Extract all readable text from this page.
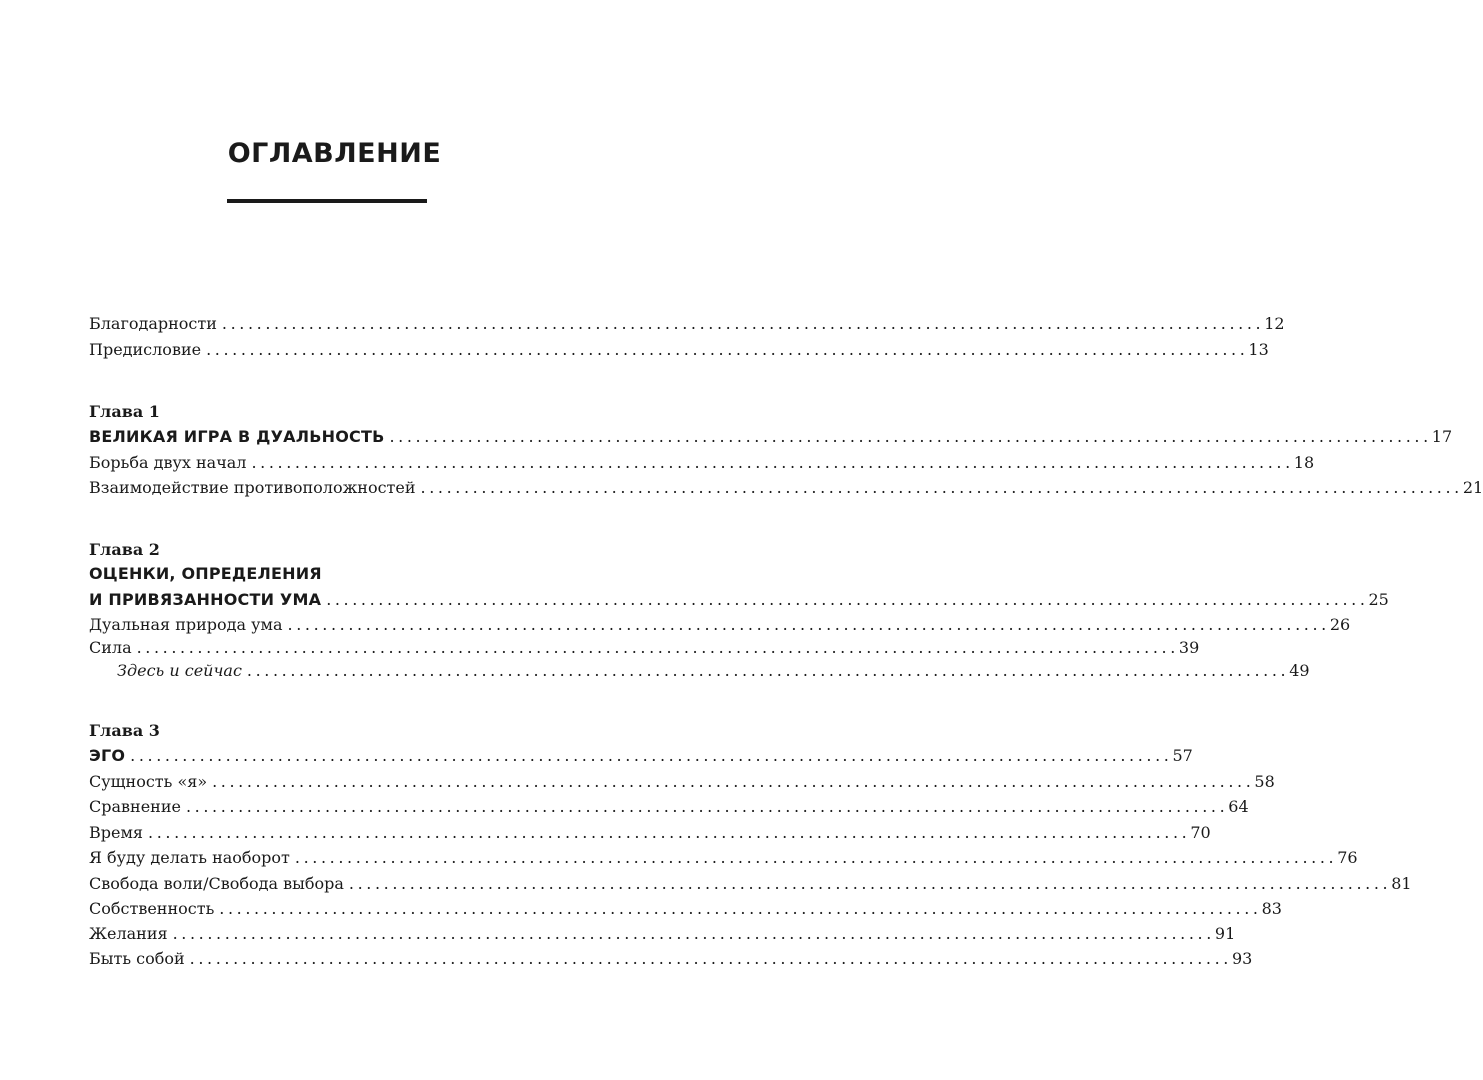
ОГЛАВЛЕНИЕ
Благодарности ........................................................................................................................ 12
Предисловие ........................................................................................................................ 13
Глава 1
ВЕЛИКАЯ ИГРА В ДУАЛЬНОСТЬ ........................................................................................................................ 17
Борьба двух начал ........................................................................................................................ 18
Взаимодействие противоположностей ........................................................................................................................ 21
Глава 2
ОЦЕНКИ, ОПРЕДЕЛЕНИЯ
И ПРИВЯЗАННОСТИ УМА ........................................................................................................................ 25
Дуальная природа ума ........................................................................................................................ 26
Сила ........................................................................................................................ 39
Здесь и сейчас ........................................................................................................................ 49
Глава 3
ЭГО ........................................................................................................................ 57
Сущность «я» ........................................................................................................................ 58
Сравнение ........................................................................................................................ 64
Время ........................................................................................................................ 70
Я буду делать наоборот ........................................................................................................................ 76
Свобода воли/Свобода выбора ........................................................................................................................ 81
Собственность ........................................................................................................................ 83
Желания ........................................................................................................................ 91
Быть собой ........................................................................................................................ 93
